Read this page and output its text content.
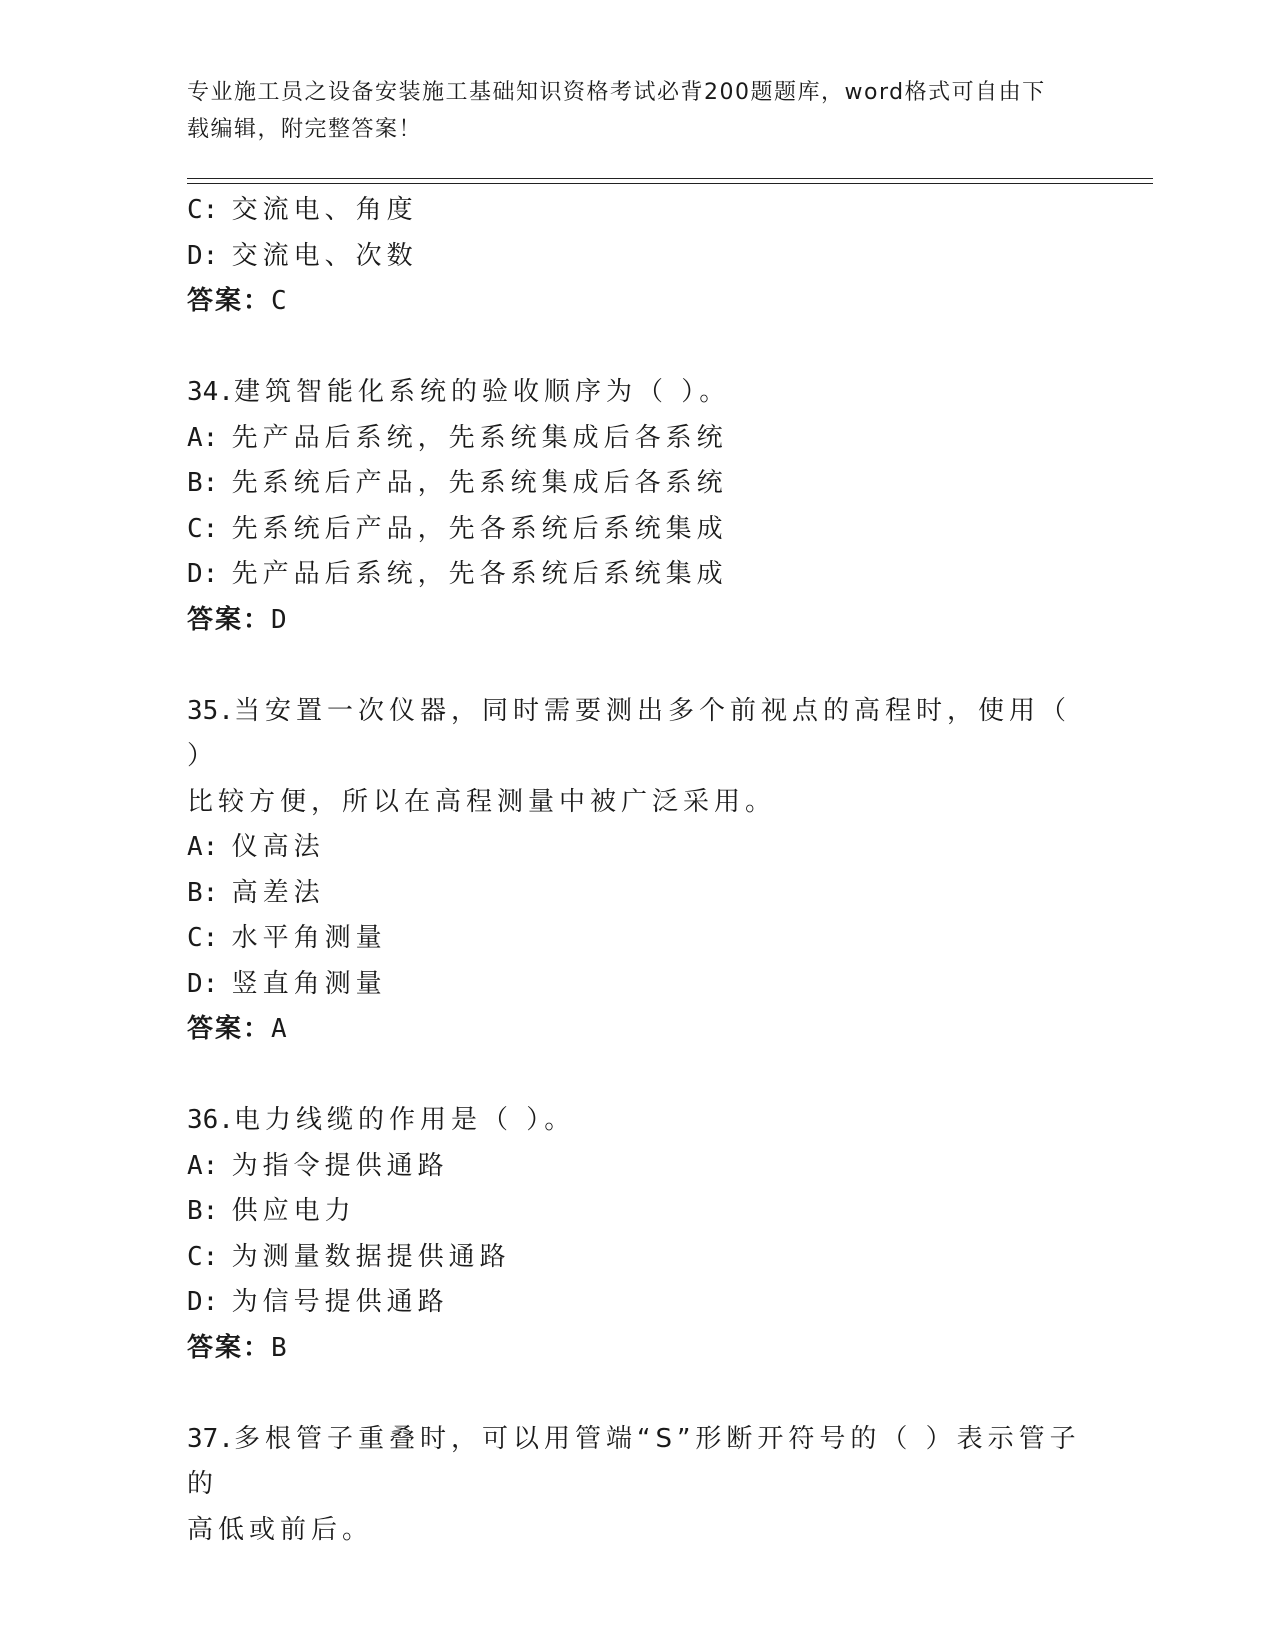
专业施工员之设备安装施工基础知识资格考试必背200题题库，word格式可自由下载编辑，附完整答案！
C: 交流电、角度
D: 交流电、次数
答案：C
34.建筑智能化系统的验收顺序为（ ）。
A: 先产品后系统，先系统集成后各系统
B: 先系统后产品，先系统集成后各系统
C: 先系统后产品，先各系统后系统集成
D: 先产品后系统，先各系统后系统集成
答案：D
35.当安置一次仪器，同时需要测出多个前视点的高程时，使用（ ）
比较方便，所以在高程测量中被广泛采用。
A: 仪高法
B: 高差法
C: 水平角测量
D: 竖直角测量
答案：A
36.电力线缆的作用是（ ）。
A: 为指令提供通路
B: 供应电力
C: 为测量数据提供通路
D: 为信号提供通路
答案：B
37.多根管子重叠时，可以用管端“S”形断开符号的（ ）表示管子的
高低或前后。
